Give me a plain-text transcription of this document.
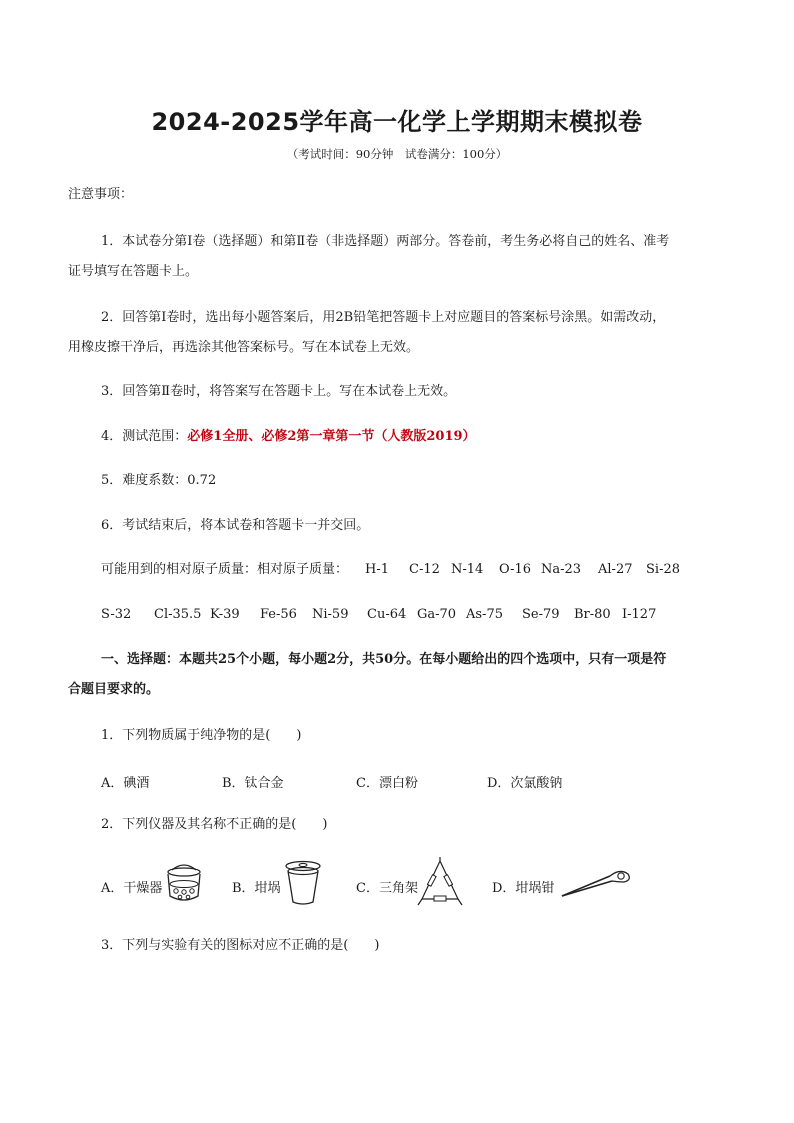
2024-2025学年高一化学上学期期末模拟卷
（考试时间：90分钟　试卷满分：100分）
注意事项：
1．本试卷分第Ⅰ卷（选择题）和第Ⅱ卷（非选择题）两部分。答卷前，考生务必将自己的姓名、准考
证号填写在答题卡上。
2．回答第Ⅰ卷时，选出每小题答案后，用2B铅笔把答题卡上对应题目的答案标号涂黑。如需改动，
用橡皮擦干净后，再选涂其他答案标号。写在本试卷上无效。
3．回答第Ⅱ卷时，将答案写在答题卡上。写在本试卷上无效。
4．测试范围：必修1全册、必修2第一章第一节（人教版2019）
5．难度系数：0.72
6．考试结束后，将本试卷和答题卡一并交回。
可能用到的相对原子质量：相对原子质量： H-1 C-12 N-14 O-16 Na-23 Al-27 Si-28
S-32 Cl-35.5 K-39 Fe-56 Ni-59 Cu-64 Ga-70 As-75 Se-79 Br-80 I-127
一、选择题：本题共25个小题，每小题2分，共50分。在每小题给出的四个选项中，只有一项是符
合题目要求的。
1．下列物质属于纯净物的是(　　)
A．碘酒	B．钛合金	C．漂白粉	D．次氯酸钠
2．下列仪器及其名称不正确的是(　　)
A．干燥器	B．坩埚	C．三角架	D．坩埚钳
3．下列与实验有关的图标对应不正确的是(　　)
